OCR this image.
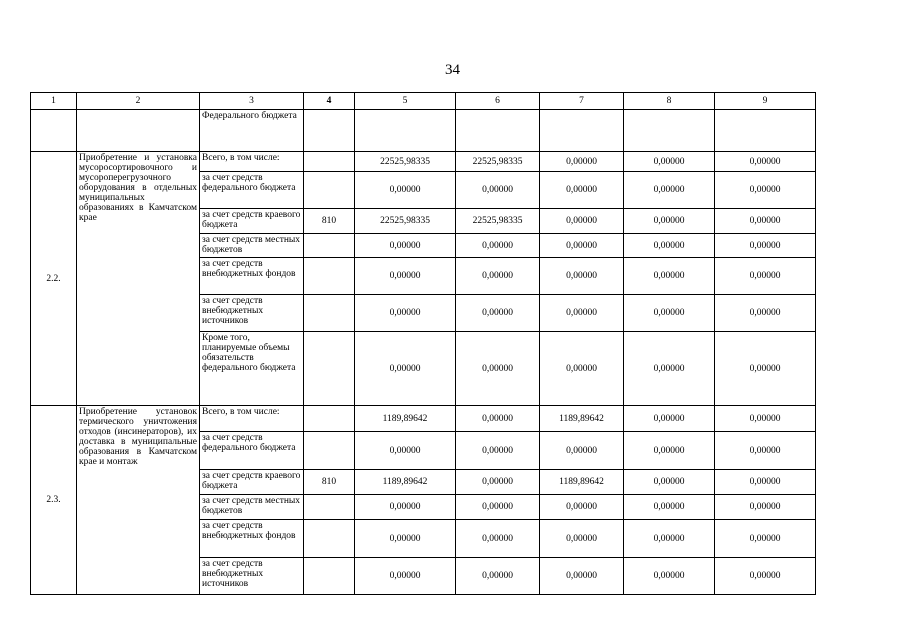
34
1	2	3	4	5	6	7	8	9
		Федерального бюджета						
2.2.	Приобретение и установка мусоросортировочного и мусороперегрузочного оборудования в отдельных муниципальных образованиях в Камчатском крае	Всего, в том числе:		22525,98335	22525,98335	0,00000	0,00000	0,00000
		за счет средств федерального бюджета		0,00000	0,00000	0,00000	0,00000	0,00000
		за счет средств краевого бюджета	810	22525,98335	22525,98335	0,00000	0,00000	0,00000
		за счет средств местных бюджетов		0,00000	0,00000	0,00000	0,00000	0,00000
		за счет средств внебюджетных фондов		0,00000	0,00000	0,00000	0,00000	0,00000
		за счет средств внебюджетных источников		0,00000	0,00000	0,00000	0,00000	0,00000
		Кроме того, планируемые объемы обязательств федерального бюджета		0,00000	0,00000	0,00000	0,00000	0,00000
2.3.	Приобретение установок термического уничтожения отходов (инсинераторов), их доставка в муниципальные образования в Камчатском крае и монтаж	Всего, в том числе:		1189,89642	0,00000	1189,89642	0,00000	0,00000
		за счет средств федерального бюджета		0,00000	0,00000	0,00000	0,00000	0,00000
		за счет средств краевого бюджета	810	1189,89642	0,00000	1189,89642	0,00000	0,00000
		за счет средств местных бюджетов		0,00000	0,00000	0,00000	0,00000	0,00000
		за счет средств внебюджетных фондов		0,00000	0,00000	0,00000	0,00000	0,00000
		за счет средств внебюджетных источников		0,00000	0,00000	0,00000	0,00000	0,00000
